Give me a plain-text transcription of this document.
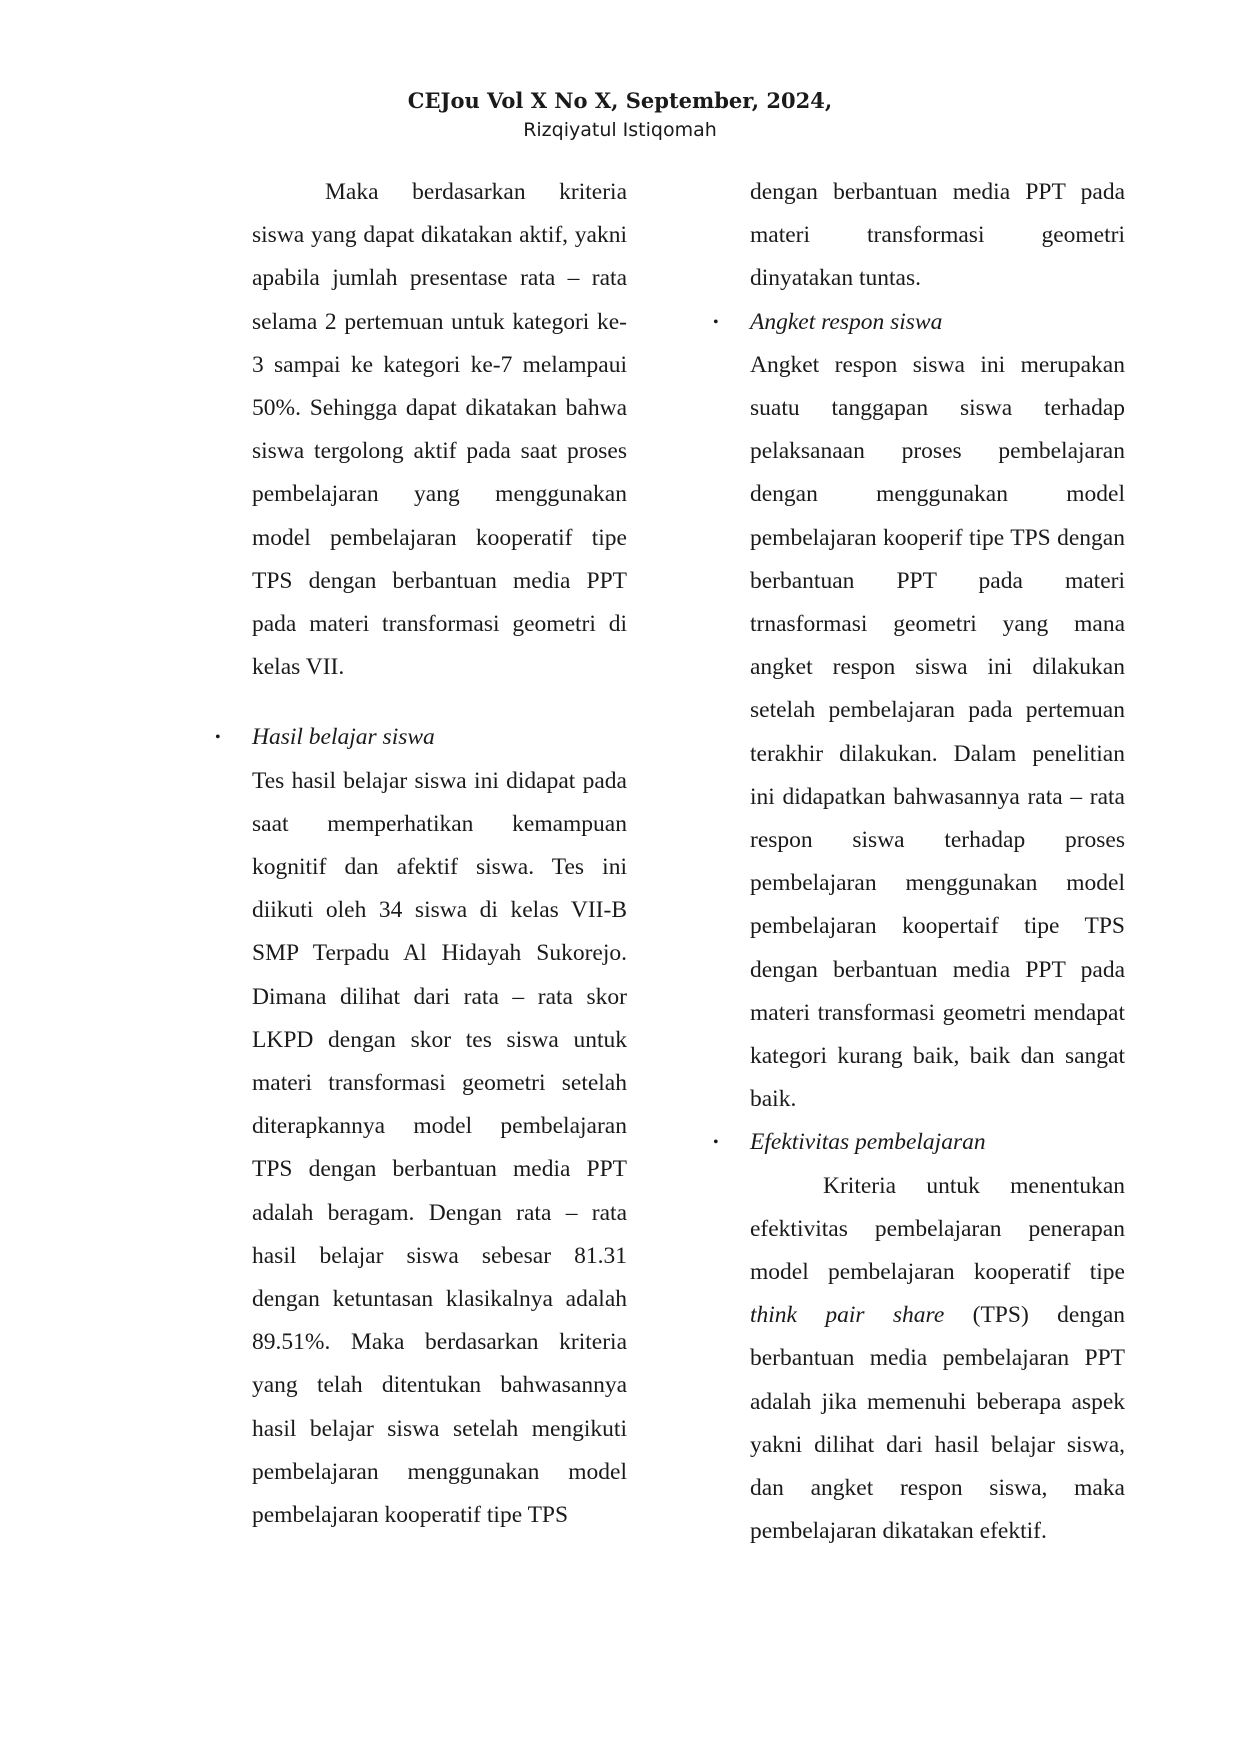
CEJou Vol X No X, September, 2024,

Rizqiyatul Istiqomah

Maka berdasarkan kriteria siswa yang dapat dikatakan aktif, yakni apabila jumlah presentase rata – rata selama 2 pertemuan untuk kategori ke-3 sampai ke kategori ke-7 melampaui 50%. Sehingga dapat dikatakan bahwa siswa tergolong aktif pada saat proses pembelajaran yang menggunakan model pembelajaran kooperatif tipe TPS dengan berbantuan media PPT pada materi transformasi geometri di kelas VII.

• Hasil belajar siswa

Tes hasil belajar siswa ini didapat pada saat memperhatikan kemampuan kognitif dan afektif siswa. Tes ini diikuti oleh 34 siswa di kelas VII-B SMP Terpadu Al Hidayah Sukorejo. Dimana dilihat dari rata – rata skor LKPD dengan skor tes siswa untuk materi transformasi geometri setelah diterapkannya model pembelajaran TPS dengan berbantuan media PPT adalah beragam. Dengan rata – rata hasil belajar siswa sebesar 81.31 dengan ketuntasan klasikalnya adalah 89.51%. Maka berdasarkan kriteria yang telah ditentukan bahwasannya hasil belajar siswa setelah mengikuti pembelajaran menggunakan model pembelajaran kooperatif tipe TPS

dengan berbantuan media PPT pada materi transformasi geometri dinyatakan tuntas.

• Angket respon siswa

Angket respon siswa ini merupakan suatu tanggapan siswa terhadap pelaksanaan proses pembelajaran dengan menggunakan model pembelajaran kooperif tipe TPS dengan berbantuan PPT pada materi trnasformasi geometri yang mana angket respon siswa ini dilakukan setelah pembelajaran pada pertemuan terakhir dilakukan. Dalam penelitian ini didapatkan bahwasannya rata – rata respon siswa terhadap proses pembelajaran menggunakan model pembelajaran koopertaif tipe TPS dengan berbantuan media PPT pada materi transformasi geometri mendapat kategori kurang baik, baik dan sangat baik.

• Efektivitas pembelajaran

Kriteria untuk menentukan efektivitas pembelajaran penerapan model pembelajaran kooperatif tipe think pair share (TPS) dengan berbantuan media pembelajaran PPT adalah jika memenuhi beberapa aspek yakni dilihat dari hasil belajar siswa, dan angket respon siswa, maka pembelajaran dikatakan efektif.
